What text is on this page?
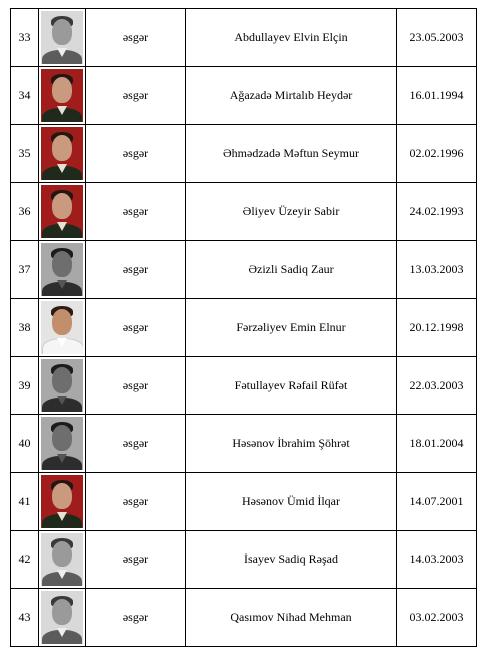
33		əsgər	Abdullayev Elvin Elçin	23.05.2003
34		əsgər	Ağazadə Mirtalıb Heydər	16.01.1994
35		əsgər	Əhmədzadə Məftun Seymur	02.02.1996
36		əsgər	Əliyev Üzeyir Sabir	24.02.1993
37		əsgər	Əzizli Sadiq Zaur	13.03.2003
38		əsgər	Fərzəliyev Emin Elnur	20.12.1998
39		əsgər	Fətullayev Rəfail Rüfət	22.03.2003
40		əsgər	Həsənov İbrahim Şöhrət	18.01.2004
41		əsgər	Həsənov Ümid İlqar	14.07.2001
42		əsgər	İsayev Sadiq Rəşad	14.03.2003
43		əsgər	Qasımov Nihad Mehman	03.02.2003
